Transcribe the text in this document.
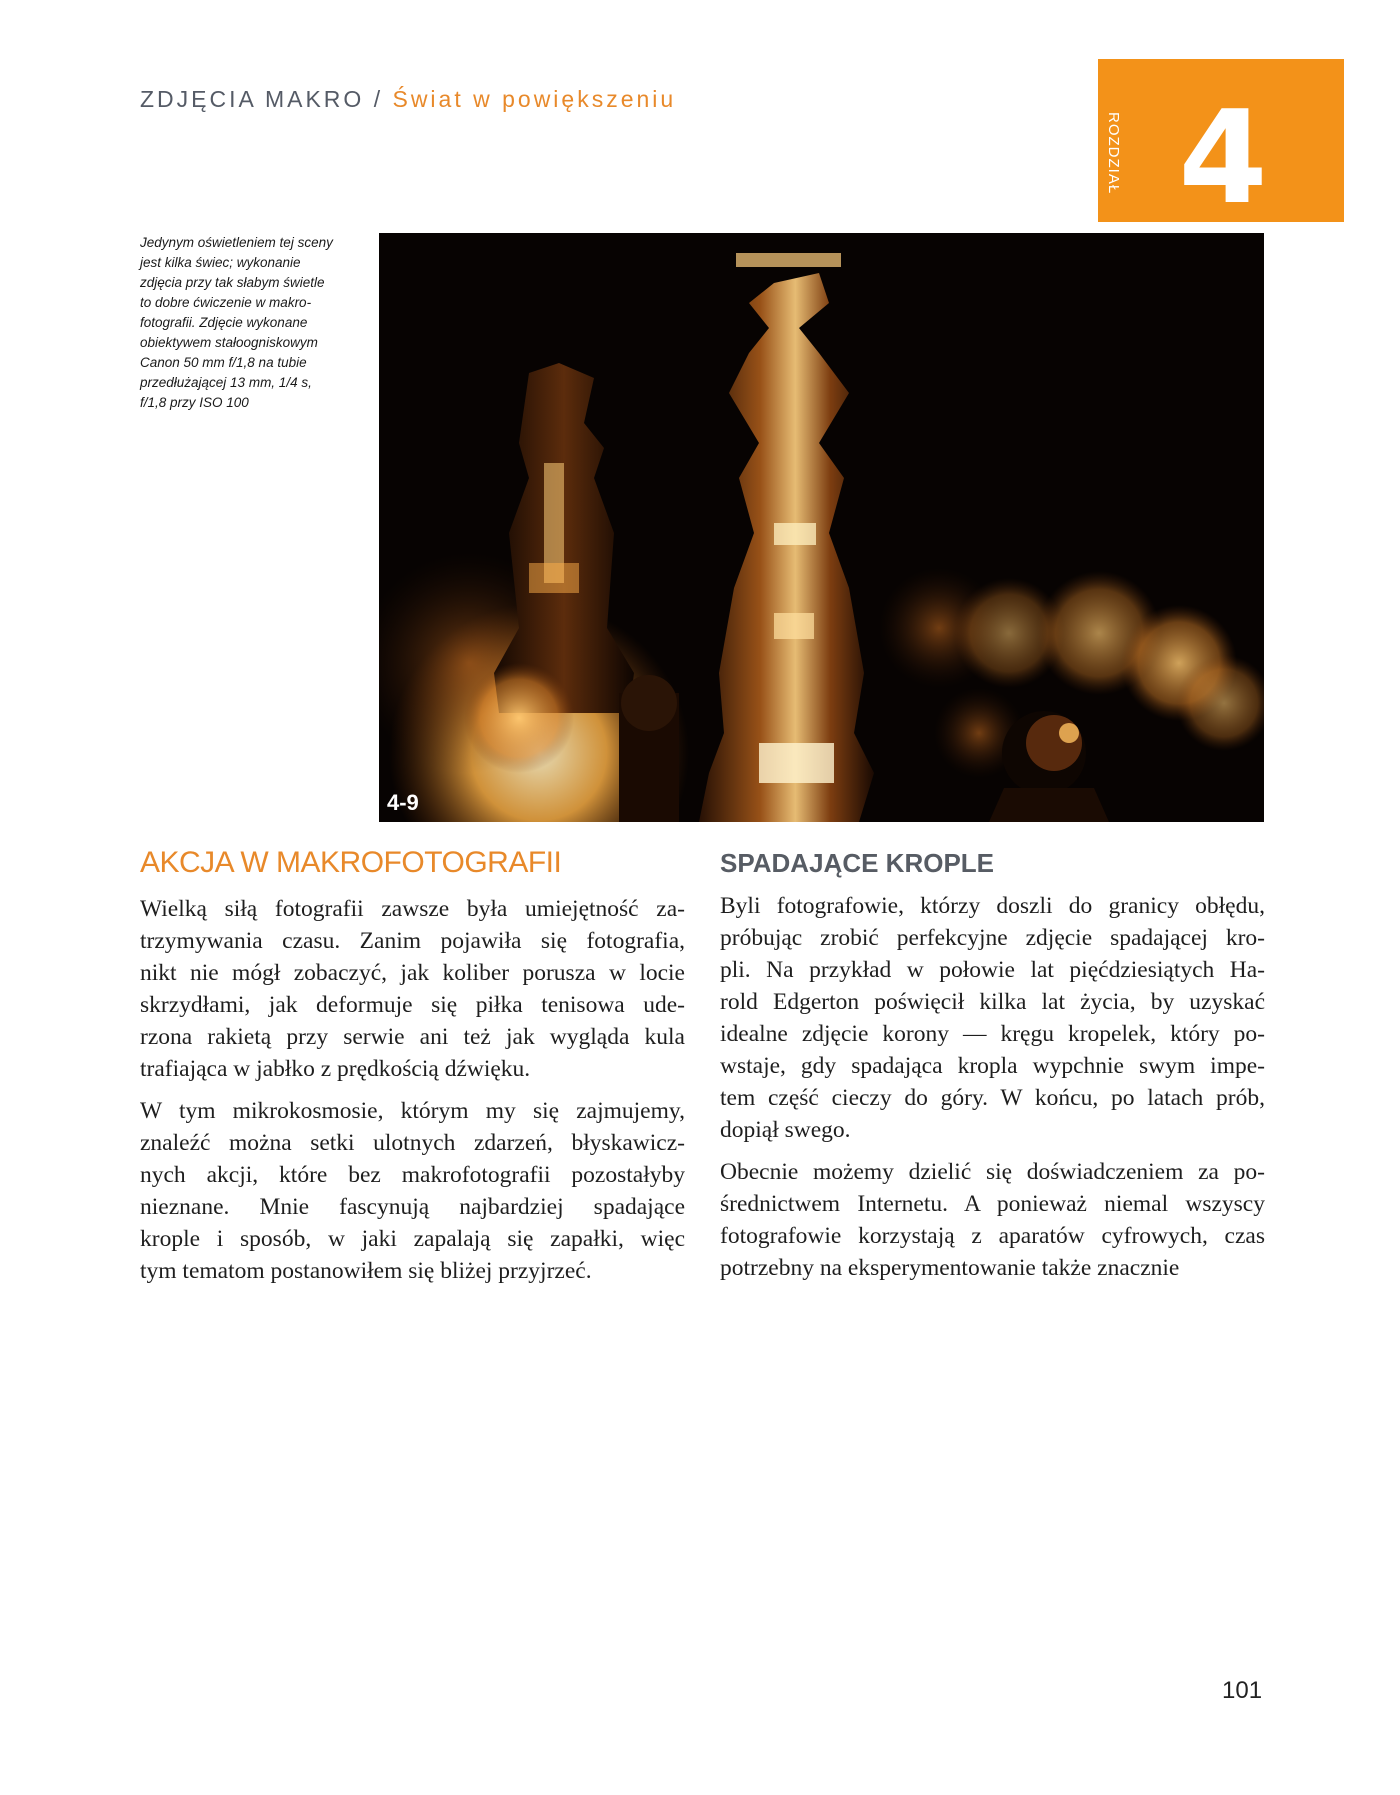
ZDJĘCIA MAKRO / Świat w powiększeniu
ROZDZIAŁ 4

Jedynym oświetleniem tej sceny
jest kilka świec; wykonanie
zdjęcia przy tak słabym świetle
to dobre ćwiczenie w makro-
fotografii. Zdjęcie wykonane
obiektywem stałoogniskowym
Canon 50 mm f/1,8 na tubie
przedłużającej 13 mm, 1/4 s,
f/1,8 przy ISO 100

4-9
AKCJA W MAKROFOTOGRAFII

Wielką siłą fotografii zawsze była umiejętność za-
trzymywania czasu. Zanim pojawiła się fotografia,
nikt nie mógł zobaczyć, jak koliber porusza w locie
skrzydłami, jak deformuje się piłka tenisowa ude-
rzona rakietą przy serwie ani też jak wygląda kula
trafiająca w jabłko z prędkością dźwięku.

W tym mikrokosmosie, którym my się zajmujemy,
znaleźć można setki ulotnych zdarzeń, błyskawicz-
nych akcji, które bez makrofotografii pozostałyby
nieznane. Mnie fascynują najbardziej spadające
krople i sposób, w jaki zapalają się zapałki, więc
tym tematom postanowiłem się bliżej przyjrzeć.

SPADAJĄCE KROPLE

Byli fotografowie, którzy doszli do granicy obłędu,
próbując zrobić perfekcyjne zdjęcie spadającej kro-
pli. Na przykład w połowie lat pięćdziesiątych Ha-
rold Edgerton poświęcił kilka lat życia, by uzyskać
idealne zdjęcie korony — kręgu kropelek, który po-
wstaje, gdy spadająca kropla wypchnie swym impe-
tem część cieczy do góry. W końcu, po latach prób,
dopiął swego.

Obecnie możemy dzielić się doświadczeniem za po-
średnictwem Internetu. A ponieważ niemal wszyscy
fotografowie korzystają z aparatów cyfrowych, czas
potrzebny na eksperymentowanie także znacznie

101
